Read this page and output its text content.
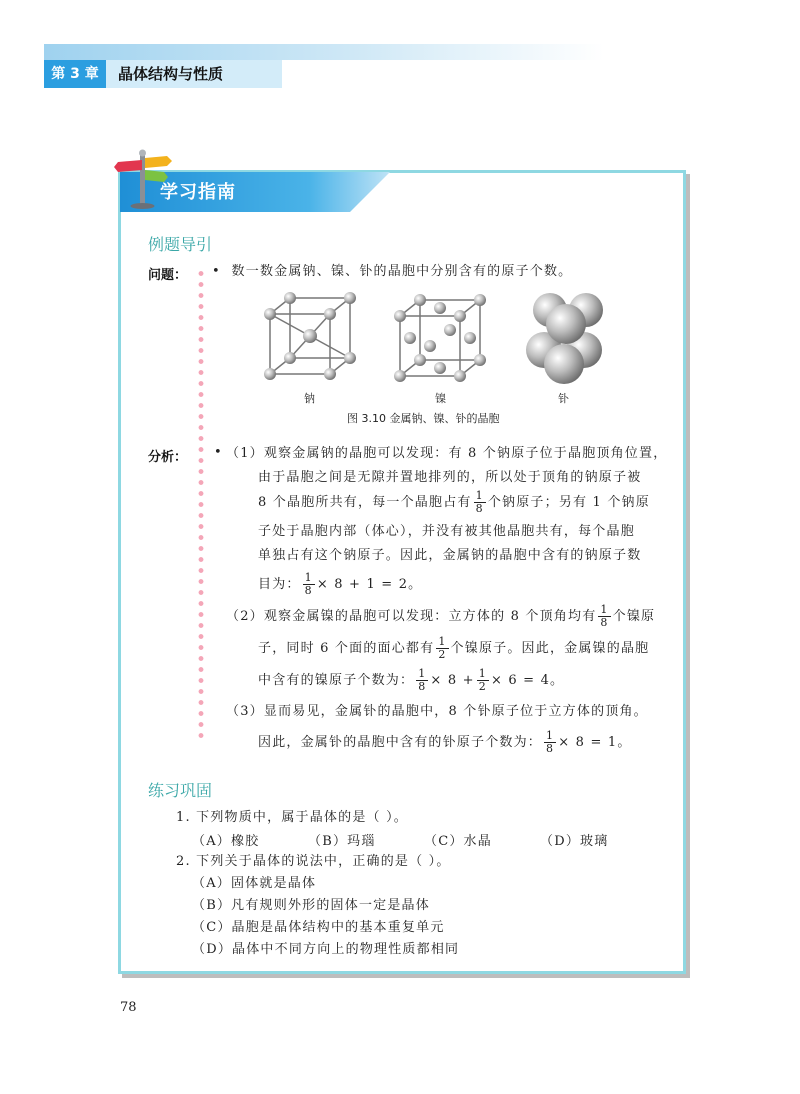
第 3 章	晶体结构与性质
学习指南
例题导引
问题： • 数一数金属钠、镍、钋的晶胞中分别含有的原子个数。
钠	镍	钋
图 3.10 金属钠、镍、钋的晶胞
分析： • （1）观察金属钠的晶胞可以发现：有 8 个钠原子位于晶胞顶角位置，
由于晶胞之间是无隙并置地排列的，所以处于顶角的钠原子被
8 个晶胞所共有，每一个晶胞占有 $\frac{1}{8}$ 个钠原子；另有 1 个钠原
子处于晶胞内部（体心），并没有被其他晶胞共有，每个晶胞
单独占有这个钠原子。因此，金属钠的晶胞中含有的钠原子数
目为： $\frac{1}{8} \times 8 + 1 = 2$。
（2）观察金属镍的晶胞可以发现：立方体的 8 个顶角均有 $\frac{1}{8}$ 个镍原
子，同时 6 个面的面心都有 $\frac{1}{2}$ 个镍原子。因此，金属镍的晶胞
中含有的镍原子个数为： $\frac{1}{8} \times 8 + \frac{1}{2} \times 6 = 4$。
（3）显而易见，金属钋的晶胞中，8 个钋原子位于立方体的顶角。
因此，金属钋的晶胞中含有的钋原子个数为： $\frac{1}{8} \times 8 = 1$。
练习巩固
1. 下列物质中，属于晶体的是（ ）。
（A）橡胶	（B）玛瑙	（C）水晶	（D）玻璃
2. 下列关于晶体的说法中，正确的是（ ）。
（A）固体就是晶体
（B）凡有规则外形的固体一定是晶体
（C）晶胞是晶体结构中的基本重复单元
（D）晶体中不同方向上的物理性质都相同
78
